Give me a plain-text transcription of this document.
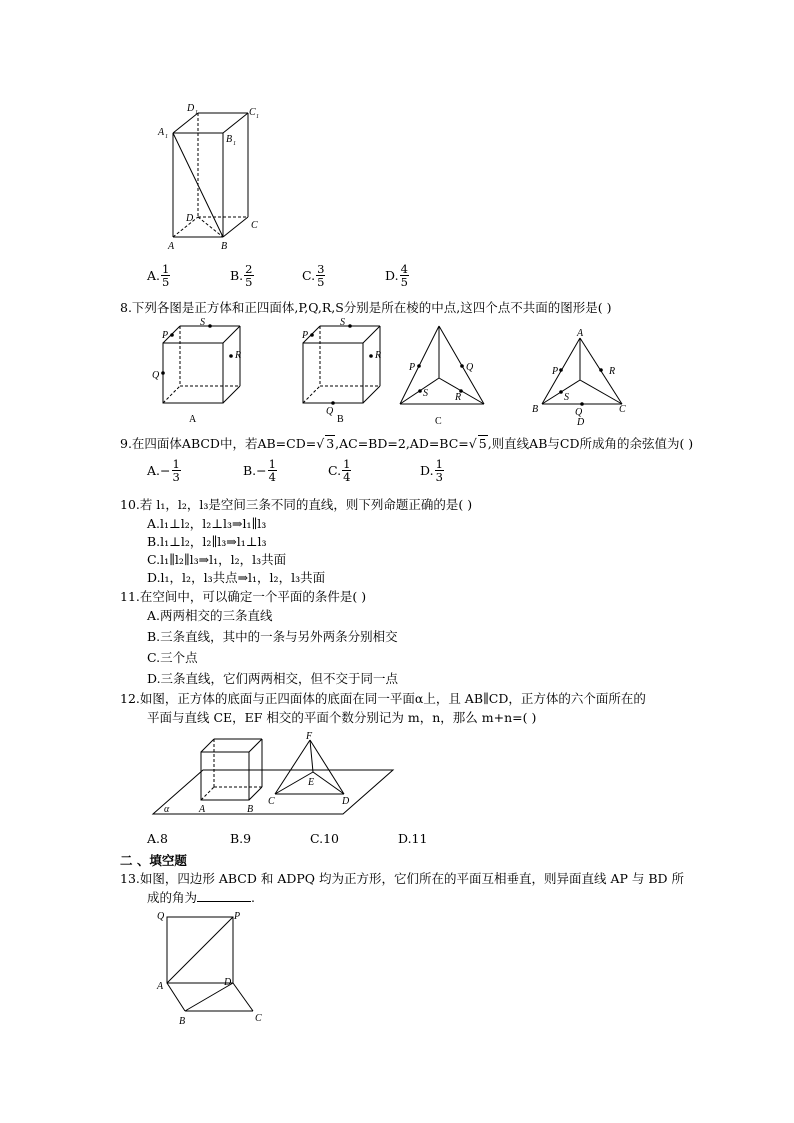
D 1	C 1
A 1	B 1
D
C
A	B
A. $\frac{1}{5}$	B. $\frac{2}{5}$	C. $\frac{3}{5}$	D. $\frac{4}{5}$
8.下列各图是正方体和正四面体,P,Q,R,S分别是所在棱的中点,这四个点不共面的图形是( )
P
S
R
Q
A
P
S
R
Q
B
P	Q
S	R
C
A
P	R
S
B	Q	C
D
9.在四面体ABCD中，若AB=CD=√ 3,AC=BD=2,AD=BC=√ 5,则直线AB与CD所成角的余弦值为( )
A. − $\frac{1}{3}$	B. − $\frac{1}{4}$	C. $\frac{1}{4}$	D. $\frac{1}{3}$
10.若 l₁，l₂，l₃是空间三条不同的直线，则下列命题正确的是( )
A.l₁⊥l₂，l₂⊥l₃⇒l₁∥l₃
B.l₁⊥l₂，l₂∥l₃⇒l₁⊥l₃
C.l₁∥l₂∥l₃⇒l₁，l₂，l₃共面
D.l₁，l₂，l₃共点⇒l₁，l₂，l₃共面
11.在空间中，可以确定一个平面的条件是( )
A.两两相交的三条直线
B.三条直线，其中的一条与另外两条分别相交
C.三个点
D.三条直线，它们两两相交，但不交于同一点
12.如图，正方体的底面与正四面体的底面在同一平面α上，且 AB∥CD，正方体的六个面所在的
平面与直线 CE，EF 相交的平面个数分别记为 m，n，那么 m+n=( )
α	A	B
C	D
E
F
A.8	B.9	C.10	D.11
二 、填空题
13.如图，四边形 ABCD 和 ADPQ 均为正方形，它们所在的平面互相垂直，则异面直线 AP 与 BD 所
成的角为	.
Q	P
A	D
B	C
